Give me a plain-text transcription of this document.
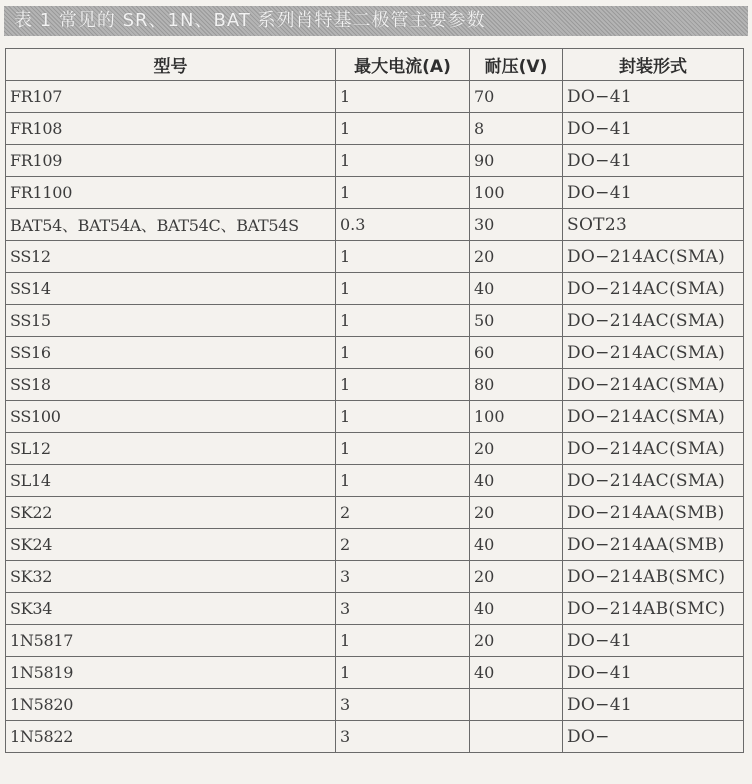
表 1 常见的 SR、1N、BAT 系列肖特基二极管主要参数
型号	最大电流(A)	耐压(V)	封装形式
FR107	1	70	DO−41
FR108	1	8	DO−41
FR109	1	90	DO−41
FR1100	1	100	DO−41
BAT54、BAT54A、BAT54C、BAT54S	0.3	30	SOT23
SS12	1	20	DO−214AC(SMA)
SS14	1	40	DO−214AC(SMA)
SS15	1	50	DO−214AC(SMA)
SS16	1	60	DO−214AC(SMA)
SS18	1	80	DO−214AC(SMA)
SS100	1	100	DO−214AC(SMA)
SL12	1	20	DO−214AC(SMA)
SL14	1	40	DO−214AC(SMA)
SK22	2	20	DO−214AA(SMB)
SK24	2	40	DO−214AA(SMB)
SK32	3	20	DO−214AB(SMC)
SK34	3	40	DO−214AB(SMC)
1N5817	1	20	DO−41
1N5819	1	40	DO−41
1N5820	3		DO−41
1N5822	3		DO−
